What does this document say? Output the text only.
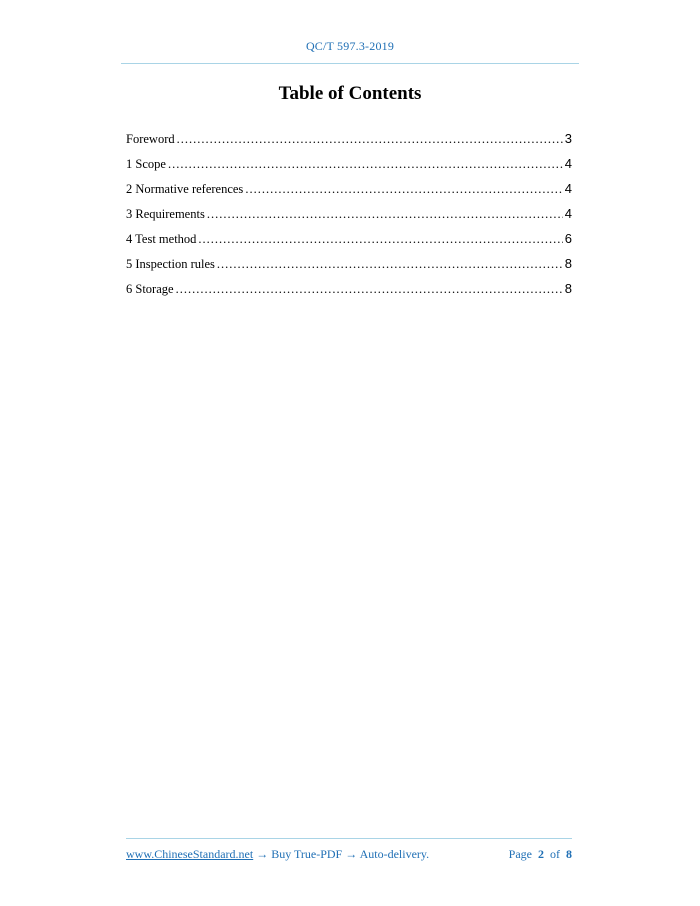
QC/T 597.3-2019
Table of Contents
Foreword .....	3
1 Scope .....	4
2 Normative references .....	4
3 Requirements .....	4
4 Test method .....	6
5 Inspection rules .....	8
6 Storage .....	8
www.ChineseStandard.net → Buy True-PDF → Auto-delivery.	Page 2 of 8
